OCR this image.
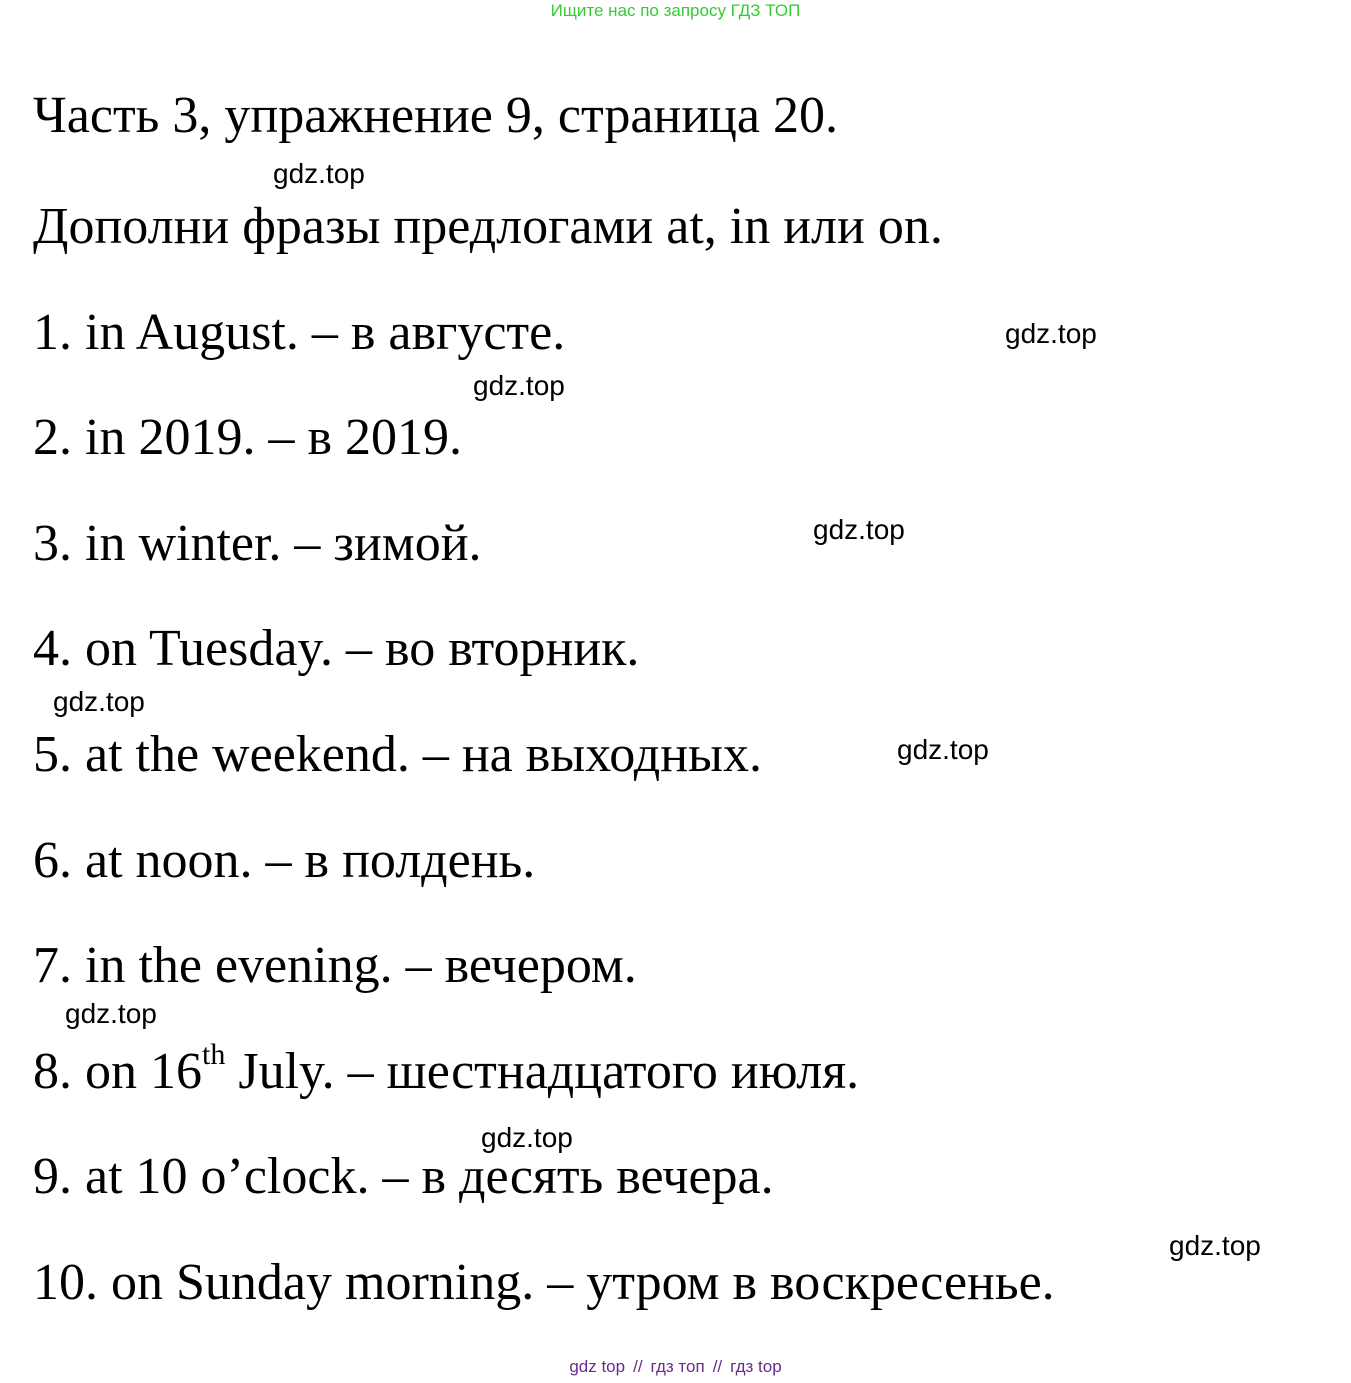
Ищите нас по запросу ГДЗ ТОП
Часть 3, упражнение 9, страница 20.
gdz.top
Дополни фразы предлогами at, in или on.
1. in August. – в августе.	gdz.top
gdz.top
2. in 2019. – в 2019.
3. in winter. – зимой.	gdz.top
4. on Tuesday. – во вторник.
gdz.top
5. at the weekend. – на выходных.	gdz.top
6. at noon. – в полдень.
7. in the evening. – вечером.
gdz.top
8. on 16th July. – шестнадцатого июля.
gdz.top
9. at 10 o’clock. – в десять вечера.
gdz.top
10. on Sunday morning. – утром в воскресенье.
gdz top // гдз топ // гдз top
